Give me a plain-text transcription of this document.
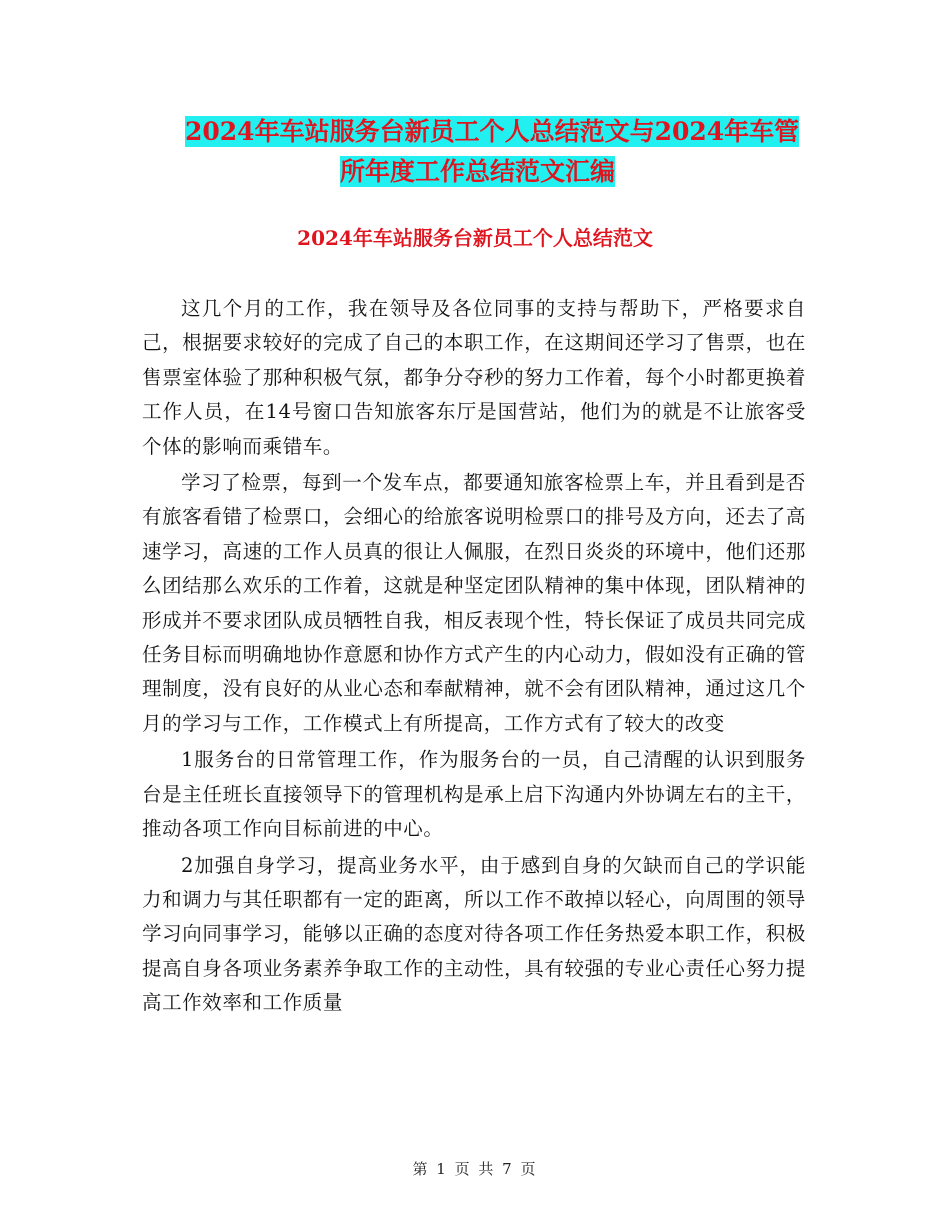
2024年车站服务台新员工个人总结范文与2024年车管
所年度工作总结范文汇编
2024年车站服务台新员工个人总结范文

这几个月的工作，我在领导及各位同事的支持与帮助下，严格要求自己，根据要求较好的完成了自己的本职工作，在这期间还学习了售票，也在售票室体验了那种积极气氛，都争分夺秒的努力工作着，每个小时都更换着工作人员，在14号窗口告知旅客东厅是国营站，他们为的就是不让旅客受个体的影响而乘错车。

学习了检票，每到一个发车点，都要通知旅客检票上车，并且看到是否有旅客看错了检票口，会细心的给旅客说明检票口的排号及方向，还去了高速学习，高速的工作人员真的很让人佩服，在烈日炎炎的环境中，他们还那么团结那么欢乐的工作着，这就是种坚定团队精神的集中体现，团队精神的形成并不要求团队成员牺牲自我，相反表现个性，特长保证了成员共同完成任务目标而明确地协作意愿和协作方式产生的内心动力，假如没有正确的管理制度，没有良好的从业心态和奉献精神，就不会有团队精神，通过这几个月的学习与工作，工作模式上有所提高，工作方式有了较大的改变

1服务台的日常管理工作，作为服务台的一员，自己清醒的认识到服务台是主任班长直接领导下的管理机构是承上启下沟通内外协调左右的主干，推动各项工作向目标前进的中心。

2加强自身学习，提高业务水平，由于感到自身的欠缺而自己的学识能力和调力与其任职都有一定的距离，所以工作不敢掉以轻心，向周围的领导学习向同事学习，能够以正确的态度对待各项工作任务热爱本职工作，积极提高自身各项业务素养争取工作的主动性，具有较强的专业心责任心努力提高工作效率和工作质量

第 1 页 共 7 页
